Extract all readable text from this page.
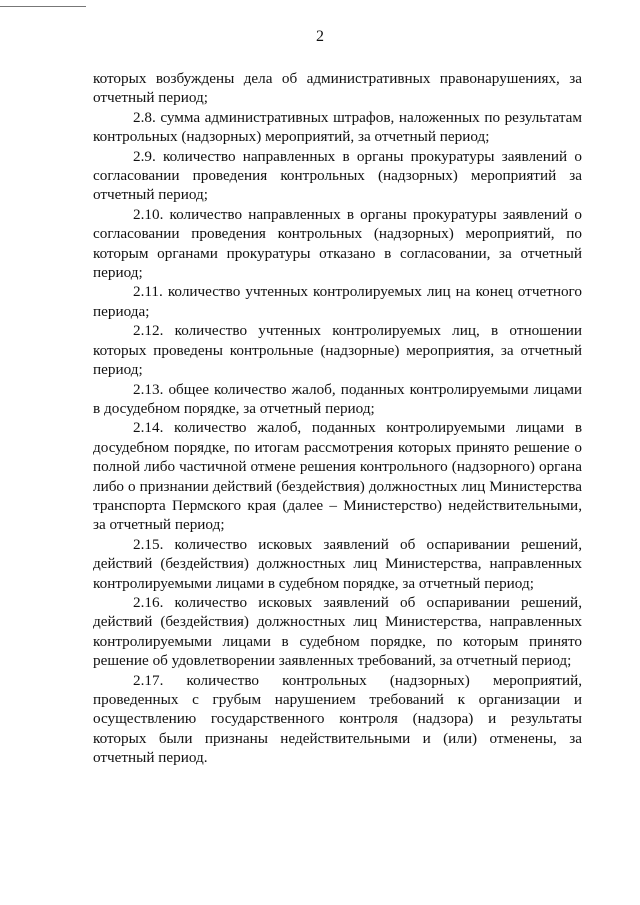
2

которых возбуждены дела об административных правонарушениях, за отчетный период;

2.8. сумма административных штрафов, наложенных по результатам контрольных (надзорных) мероприятий, за отчетный период;

2.9. количество направленных в органы прокуратуры заявлений о согласовании проведения контрольных (надзорных) мероприятий за отчетный период;

2.10. количество направленных в органы прокуратуры заявлений о согласовании проведения контрольных (надзорных) мероприятий, по которым органами прокуратуры отказано в согласовании, за отчетный период;

2.11. количество учтенных контролируемых лиц на конец отчетного периода;

2.12. количество учтенных контролируемых лиц, в отношении которых проведены контрольные (надзорные) мероприятия, за отчетный период;

2.13. общее количество жалоб, поданных контролируемыми лицами в досудебном порядке, за отчетный период;

2.14. количество жалоб, поданных контролируемыми лицами в досудебном порядке, по итогам рассмотрения которых принято решение о полной либо частичной отмене решения контрольного (надзорного) органа либо о признании действий (бездействия) должностных лиц Министерства транспорта Пермского края (далее – Министерство) недействительными, за отчетный период;

2.15. количество исковых заявлений об оспаривании решений, действий (бездействия) должностных лиц Министерства, направленных контролируемыми лицами в судебном порядке, за отчетный период;

2.16. количество исковых заявлений об оспаривании решений, действий (бездействия) должностных лиц Министерства, направленных контролируемыми лицами в судебном порядке, по которым принято решение об удовлетворении заявленных требований, за отчетный период;

2.17. количество контрольных (надзорных) мероприятий, проведенных с грубым нарушением требований к организации и осуществлению государственного контроля (надзора) и результаты которых были признаны недействительными и (или) отменены, за отчетный период.
